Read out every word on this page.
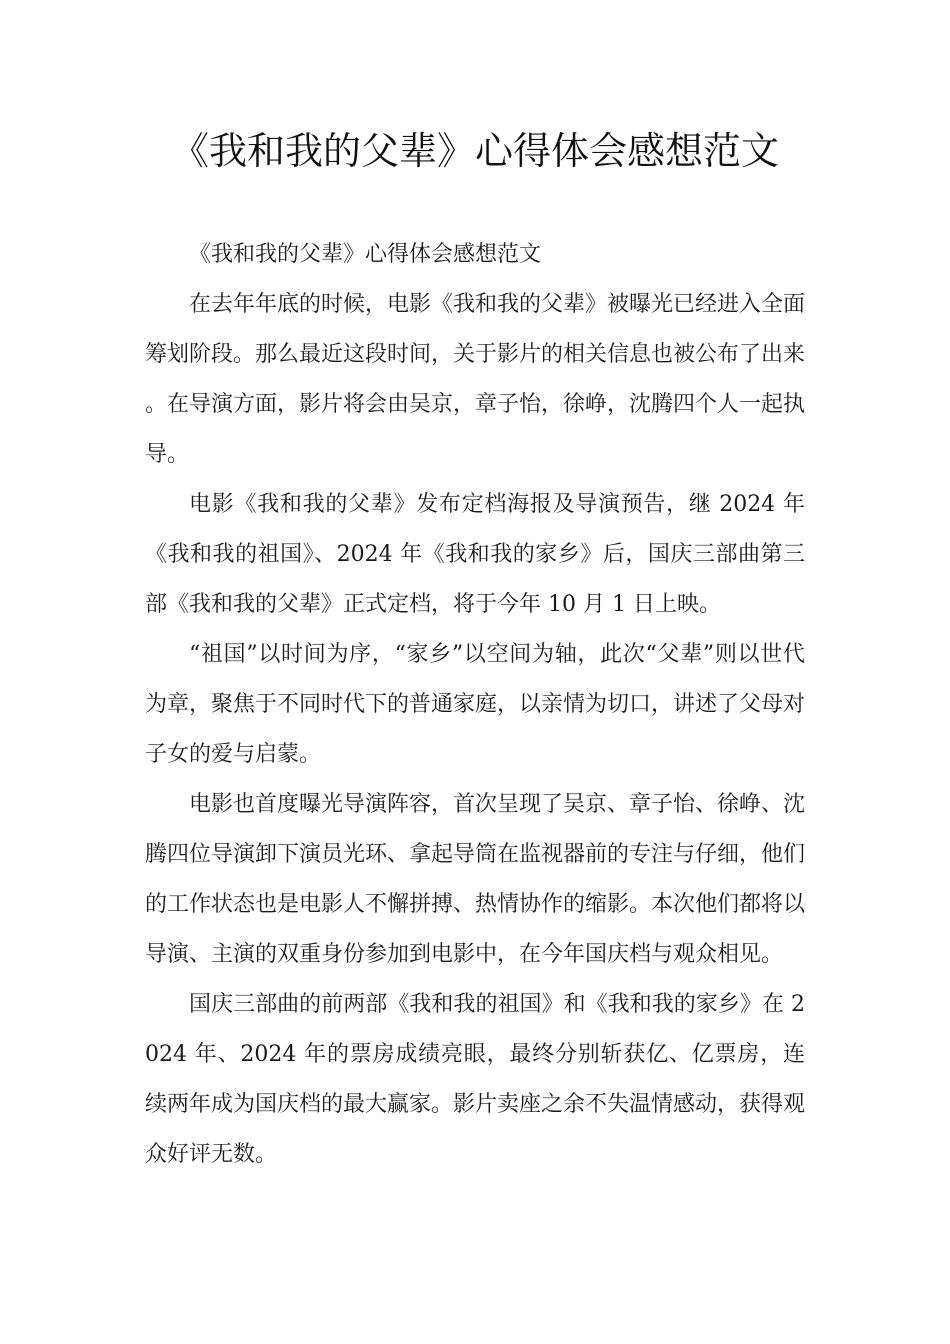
《我和我的父辈》心得体会感想范文

《我和我的父辈》心得体会感想范文

在去年年底的时候，电影《我和我的父辈》被曝光已经进入全面筹划阶段。那么最近这段时间，关于影片的相关信息也被公布了出来。在导演方面，影片将会由吴京，章子怡，徐峥，沈腾四个人一起执导。

电影《我和我的父辈》发布定档海报及导演预告，继 2024 年《我和我的祖国》、2024 年《我和我的家乡》后，国庆三部曲第三部《我和我的父辈》正式定档，将于今年 10 月 1 日上映。

“祖国”以时间为序，“家乡”以空间为轴，此次“父辈”则以世代为章，聚焦于不同时代下的普通家庭，以亲情为切口，讲述了父母对子女的爱与启蒙。

电影也首度曝光导演阵容，首次呈现了吴京、章子怡、徐峥、沈腾四位导演卸下演员光环、拿起导筒在监视器前的专注与仔细，他们的工作状态也是电影人不懈拼搏、热情协作的缩影。本次他们都将以导演、主演的双重身份参加到电影中，在今年国庆档与观众相见。

国庆三部曲的前两部《我和我的祖国》和《我和我的家乡》在 2024 年、2024 年的票房成绩亮眼，最终分别斩获亿、亿票房，连续两年成为国庆档的最大赢家。影片卖座之余不失温情感动，获得观众好评无数。
